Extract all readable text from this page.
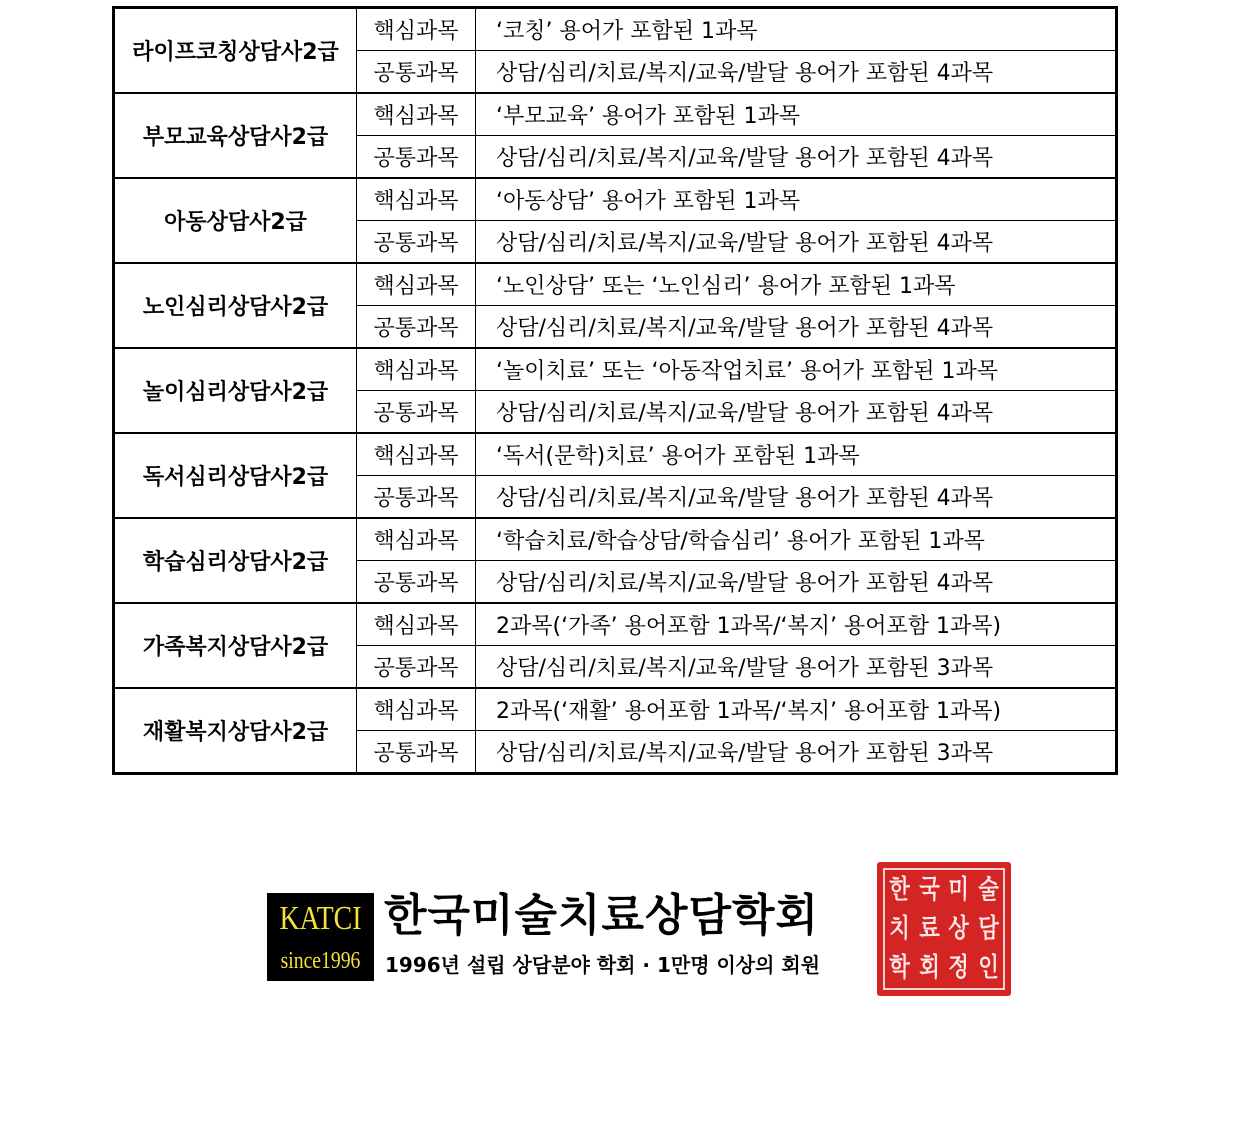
라이프코칭상담사2급	핵심과목	‘코칭’ 용어가 포함된 1과목
	공통과목	상담/심리/치료/복지/교육/발달 용어가 포함된 4과목
부모교육상담사2급	핵심과목	‘부모교육’ 용어가 포함된 1과목
	공통과목	상담/심리/치료/복지/교육/발달 용어가 포함된 4과목
아동상담사2급	핵심과목	‘아동상담’ 용어가 포함된 1과목
	공통과목	상담/심리/치료/복지/교육/발달 용어가 포함된 4과목
노인심리상담사2급	핵심과목	‘노인상담’ 또는 ‘노인심리’ 용어가 포함된 1과목
	공통과목	상담/심리/치료/복지/교육/발달 용어가 포함된 4과목
놀이심리상담사2급	핵심과목	‘놀이치료’ 또는 ‘아동작업치료’ 용어가 포함된 1과목
	공통과목	상담/심리/치료/복지/교육/발달 용어가 포함된 4과목
독서심리상담사2급	핵심과목	‘독서(문학)치료’ 용어가 포함된 1과목
	공통과목	상담/심리/치료/복지/교육/발달 용어가 포함된 4과목
학습심리상담사2급	핵심과목	‘학습치료/학습상담/학습심리’ 용어가 포함된 1과목
	공통과목	상담/심리/치료/복지/교육/발달 용어가 포함된 4과목
가족복지상담사2급	핵심과목	2과목(‘가족’ 용어포함 1과목/‘복지’ 용어포함 1과목)
	공통과목	상담/심리/치료/복지/교육/발달 용어가 포함된 3과목
재활복지상담사2급	핵심과목	2과목(‘재활’ 용어포함 1과목/‘복지’ 용어포함 1과목)
	공통과목	상담/심리/치료/복지/교육/발달 용어가 포함된 3과목
KATCI
since1996
한국미술치료상담학회
1996년 설립 상담분야 학회 · 1만명 이상의 회원
한 국 미 술
치 료 상 담
학 회 정 인
